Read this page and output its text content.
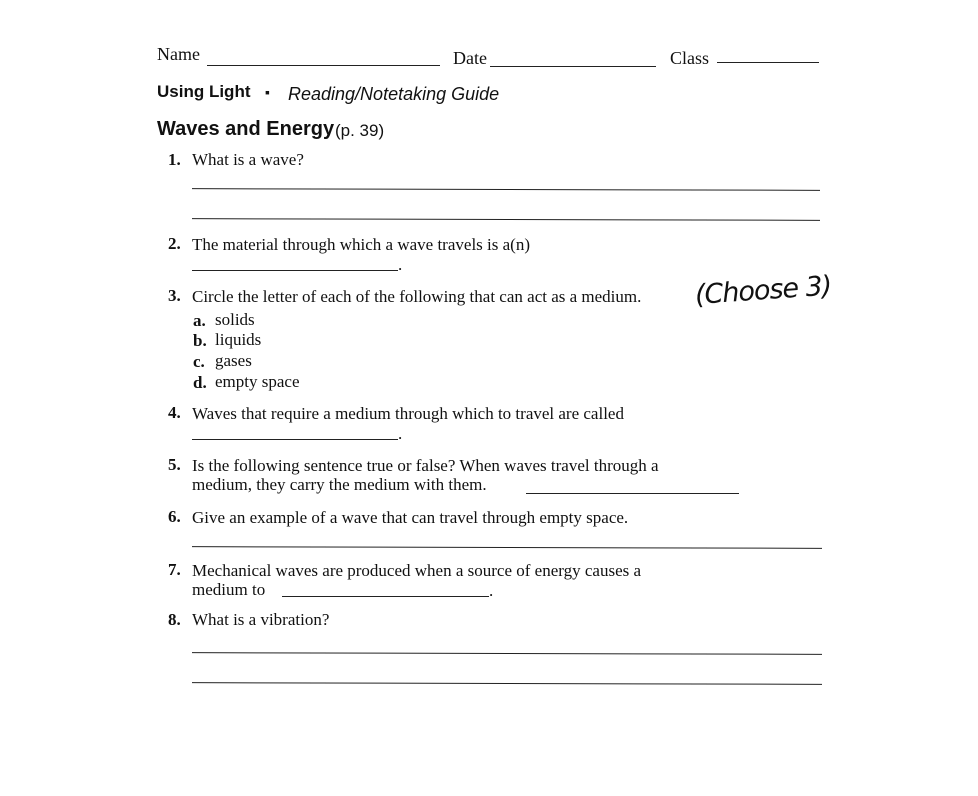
Name	Date	Class
Using Light ▪ Reading/Notetaking Guide
Waves and Energy (p. 39)
1. What is a wave?
2. The material through which a wave travels is a(n)
.
3. Circle the letter of each of the following that can act as a medium. (Choose 3)
a. solids
b. liquids
c. gases
d. empty space
4. Waves that require a medium through which to travel are called
.
5. Is the following sentence true or false? When waves travel through a
medium, they carry the medium with them.
6. Give an example of a wave that can travel through empty space.
7. Mechanical waves are produced when a source of energy causes a
medium to	.
8. What is a vibration?
